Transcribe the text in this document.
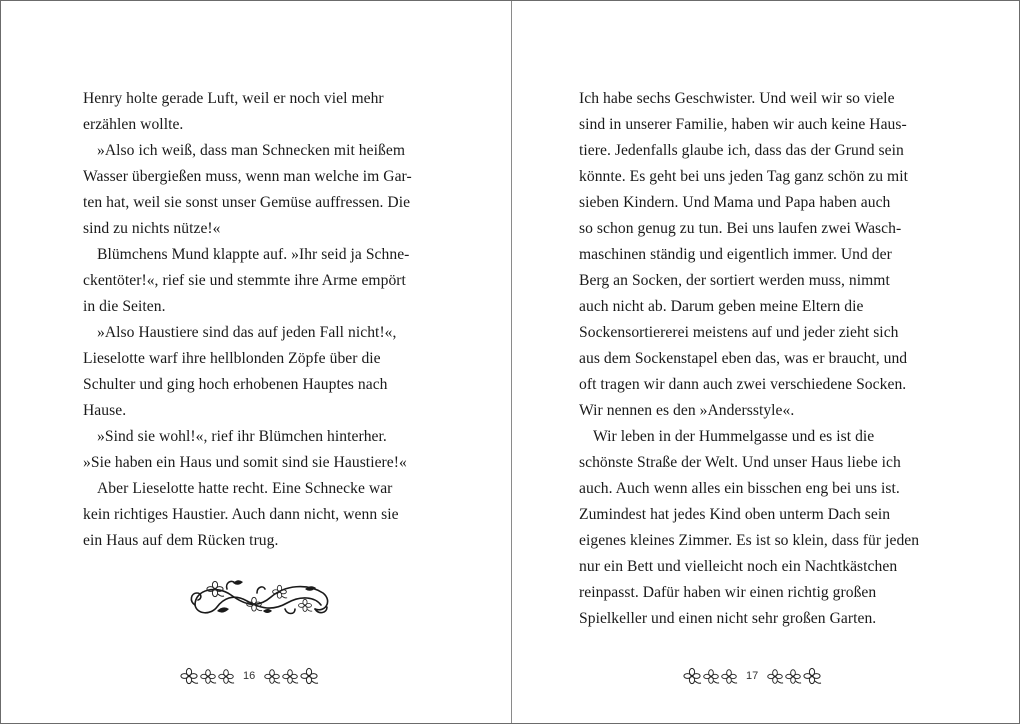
Henry holte gerade Luft, weil er noch viel mehr
erzählen wollte.
»Also ich weiß, dass man Schnecken mit heißem
Wasser übergießen muss, wenn man welche im Gar-
ten hat, weil sie sonst unser Gemüse auffressen. Die
sind zu nichts nütze!«
Blümchens Mund klappte auf. »Ihr seid ja Schne-
ckentöter!«, rief sie und stemmte ihre Arme empört
in die Seiten.
»Also Haustiere sind das auf jeden Fall nicht!«,
Lieselotte warf ihre hellblonden Zöpfe über die
Schulter und ging hoch erhobenen Hauptes nach
Hause.
»Sind sie wohl!«, rief ihr Blümchen hinterher.
»Sie haben ein Haus und somit sind sie Haustiere!«
Aber Lieselotte hatte recht. Eine Schnecke war
kein richtiges Haustier. Auch dann nicht, wenn sie
ein Haus auf dem Rücken trug.
16
Ich habe sechs Geschwister. Und weil wir so viele
sind in unserer Familie, haben wir auch keine Haus-
tiere. Jedenfalls glaube ich, dass das der Grund sein
könnte. Es geht bei uns jeden Tag ganz schön zu mit
sieben Kindern. Und Mama und Papa haben auch
so schon genug zu tun. Bei uns laufen zwei Wasch-
maschinen ständig und eigentlich immer. Und der
Berg an Socken, der sortiert werden muss, nimmt
auch nicht ab. Darum geben meine Eltern die
Sockensortiererei meistens auf und jeder zieht sich
aus dem Sockenstapel eben das, was er braucht, und
oft tragen wir dann auch zwei verschiedene Socken.
Wir nennen es den »Andersstyle«.
Wir leben in der Hummelgasse und es ist die
schönste Straße der Welt. Und unser Haus liebe ich
auch. Auch wenn alles ein bisschen eng bei uns ist.
Zumindest hat jedes Kind oben unterm Dach sein
eigenes kleines Zimmer. Es ist so klein, dass für jeden
nur ein Bett und vielleicht noch ein Nachtkästchen
reinpasst. Dafür haben wir einen richtig großen
Spielkeller und einen nicht sehr großen Garten.
17
